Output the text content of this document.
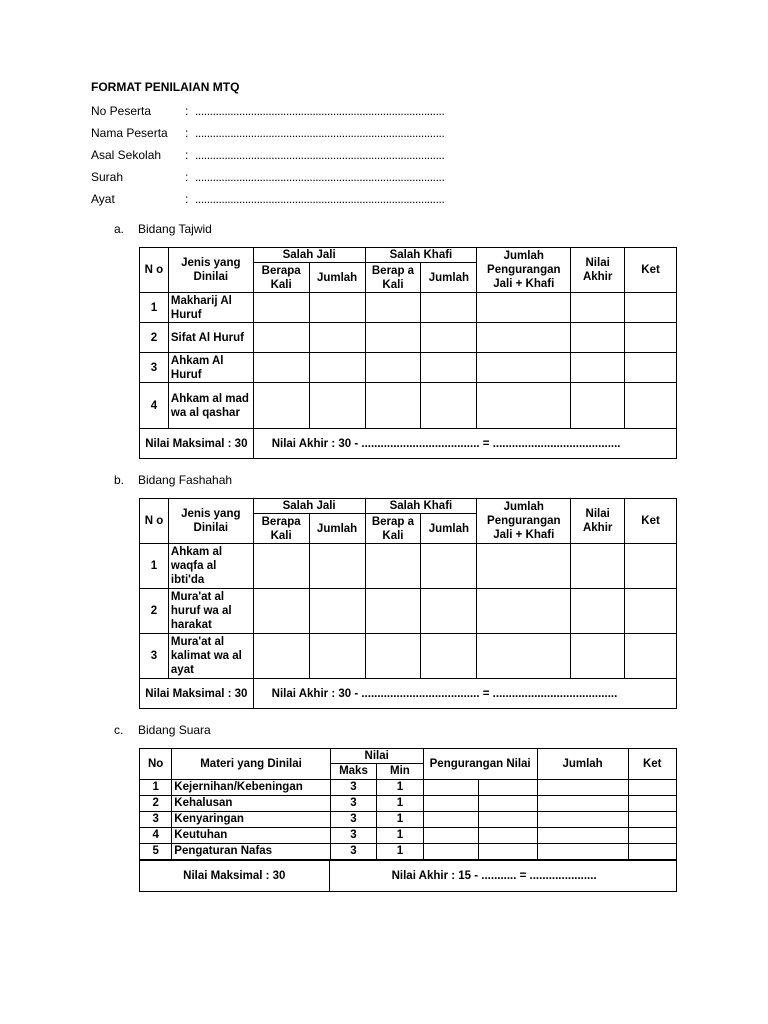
FORMAT PENILAIAN MTQ
No Peserta	: .....................................................................................
Nama Peserta : .....................................................................................
Asal Sekolah : .....................................................................................
Surah	: .....................................................................................
Ayat	: .....................................................................................
a. Bidang Tajwid
N o	Jenis yang Dinilai	Salah Jali		Salah Khafi		Jumlah Pengurangan Jali + Khafi	Nilai Akhir	Ket
		Berapa Kali	Jumlah	Berap a Kali	Jumlah			
1	Makharij Al Huruf							
2	Sifat Al Huruf							
3	Ahkam Al Huruf							
4	Ahkam al mad wa al qashar							
Nilai Maksimal : 30		Nilai Akhir : 30 - ..................................... = ........................................						
b. Bidang Fashahah
N o	Jenis yang Dinilai	Salah Jali		Salah Khafi		Jumlah Pengurangan Jali + Khafi	Nilai Akhir	Ket
		Berapa Kali	Jumlah	Berap a Kali	Jumlah			
1	Ahkam al waqfa al ibti'da							
2	Mura'at al huruf wa al harakat							
3	Mura'at al kalimat wa al ayat							
Nilai Maksimal : 30		Nilai Akhir : 30 - ..................................... = .......................................						
c. Bidang Suara
No	Materi yang Dinilai	Nilai		Pengurangan Nilai		Jumlah	Ket
		Maks	Min				
1	Kejernihan/Kebeningan	3	1				
2	Kehalusan	3	1				
3	Kenyaringan	3	1				
4	Keutuhan	3	1				
5	Pengaturan Nafas	3	1				
Nilai Maksimal : 30	Nilai Akhir : 15 - ........... = .....................
